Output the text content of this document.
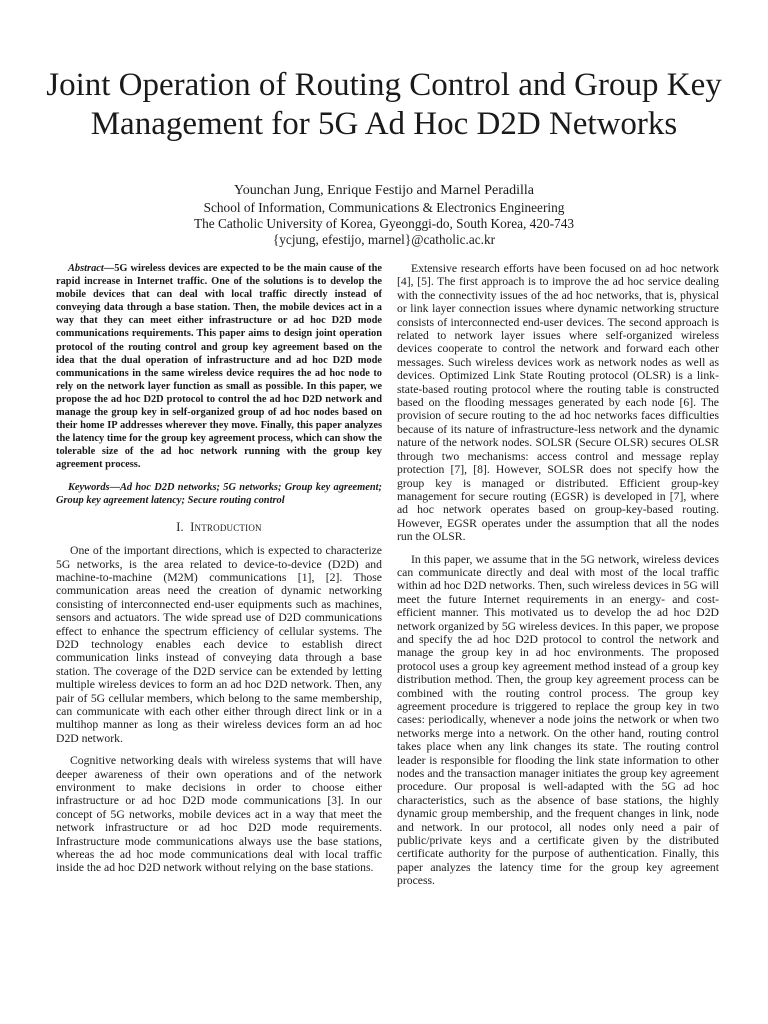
Joint Operation of Routing Control and Group Key
Management for 5G Ad Hoc D2D Networks
Younchan Jung, Enrique Festijo and Marnel Peradilla
School of Information, Communications & Electronics Engineering
The Catholic University of Korea, Gyeonggi-do, South Korea, 420-743
{ycjung, efestijo, marnel}@catholic.ac.kr

Abstract—5G wireless devices are expected to be the main cause of the rapid increase in Internet traffic. One of the solutions is to develop the mobile devices that can deal with local traffic directly instead of conveying data through a base station. Then, the mobile devices act in a way that they can meet either infrastructure or ad hoc D2D mode communications requirements. This paper aims to design joint operation protocol of the routing control and group key agreement based on the idea that the dual operation of infrastructure and ad hoc D2D mode communications in the same wireless device requires the ad hoc node to rely on the network layer function as small as possible. In this paper, we propose the ad hoc D2D protocol to control the ad hoc D2D network and manage the group key in self-organized group of ad hoc nodes based on their home IP addresses wherever they move. Finally, this paper analyzes the latency time for the group key agreement process, which can show the tolerable size of the ad hoc network running with the group key agreement process.

Keywords—Ad hoc D2D networks; 5G networks; Group key agreement; Group key agreement latency; Secure routing control

I. Introduction

One of the important directions, which is expected to characterize 5G networks, is the area related to device-to-device (D2D) and machine-to-machine (M2M) communications [1], [2]. Those communication areas need the creation of dynamic networking consisting of interconnected end-user equipments such as machines, sensors and actuators. The wide spread use of D2D communications effect to enhance the spectrum efficiency of cellular systems. The D2D technology enables each device to establish direct communication links instead of conveying data through a base station. The coverage of the D2D service can be extended by letting multiple wireless devices to form an ad hoc D2D network. Then, any pair of 5G cellular members, which belong to the same membership, can communicate with each other either through direct link or in a multihop manner as long as their wireless devices form an ad hoc D2D network.

Cognitive networking deals with wireless systems that will have deeper awareness of their own operations and of the network environment to make decisions in order to choose either infrastructure or ad hoc D2D mode communications [3]. In our concept of 5G networks, mobile devices act in a way that meet the network infrastructure or ad hoc D2D mode requirements. Infrastructure mode communications always use the base stations, whereas the ad hoc mode communications deal with local traffic inside the ad hoc D2D network without relying on the base stations.

Extensive research efforts have been focused on ad hoc network [4], [5]. The first approach is to improve the ad hoc service dealing with the connectivity issues of the ad hoc networks, that is, physical or link layer connection issues where dynamic networking structure consists of interconnected end-user devices. The second approach is related to network layer issues where self-organized wireless devices cooperate to control the network and forward each other messages. Such wireless devices work as network nodes as well as devices. Optimized Link State Routing protocol (OLSR) is a link-state-based routing protocol where the routing table is constructed based on the flooding messages generated by each node [6]. The provision of secure routing to the ad hoc networks faces difficulties because of its nature of infrastructure-less network and the dynamic nature of the network nodes. SOLSR (Secure OLSR) secures OLSR through two mechanisms: access control and message replay protection [7], [8]. However, SOLSR does not specify how the group key is managed or distributed. Efficient group-key management for secure routing (EGSR) is developed in [7], where ad hoc network operates based on group-key-based routing. However, EGSR operates under the assumption that all the nodes run the OLSR.

In this paper, we assume that in the 5G network, wireless devices can communicate directly and deal with most of the local traffic within ad hoc D2D networks. Then, such wireless devices in 5G will meet the future Internet requirements in an energy- and cost-efficient manner. This motivated us to develop the ad hoc D2D network organized by 5G wireless devices. In this paper, we propose and specify the ad hoc D2D protocol to control the network and manage the group key in ad hoc environments. The proposed protocol uses a group key agreement method instead of a group key distribution method. Then, the group key agreement process can be combined with the routing control process. The group key agreement procedure is triggered to replace the group key in two cases: periodically, whenever a node joins the network or when two networks merge into a network. On the other hand, routing control takes place when any link changes its state. The routing control leader is responsible for flooding the link state information to other nodes and the transaction manager initiates the group key agreement procedure. Our proposal is well-adapted with the 5G ad hoc characteristics, such as the absence of base stations, the highly dynamic group membership, and the frequent changes in link, node and network. In our protocol, all nodes only need a pair of public/private keys and a certificate given by the distributed certificate authority for the purpose of authentication. Finally, this paper analyzes the latency time for the group key agreement process.
